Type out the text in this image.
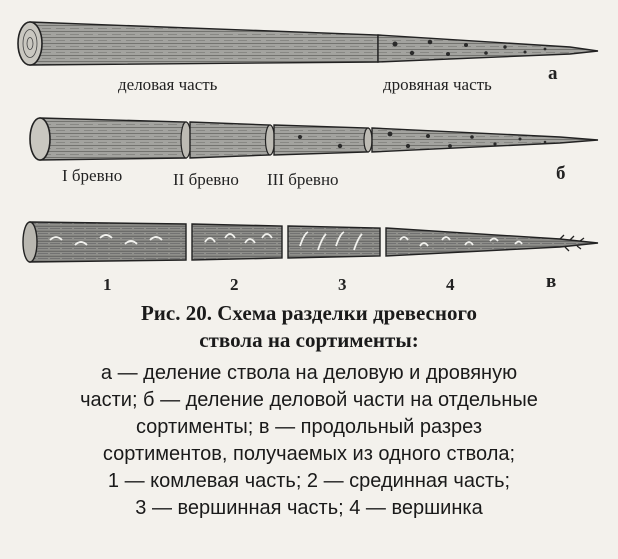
деловая часть	дровяная часть
а
I бревно	II бревно III бревно	б
1	2	3	4	в
Рис. 20. Схема разделки древесного
ствола на сортименты:
а — деление ствола на деловую и дровяную
части; б — деление деловой части на отдельные
сортименты; в — продольный разрез
сортиментов, получаемых из одного ствола;
1 — комлевая часть; 2 — срединная часть;
3 — вершинная часть; 4 — вершинка
